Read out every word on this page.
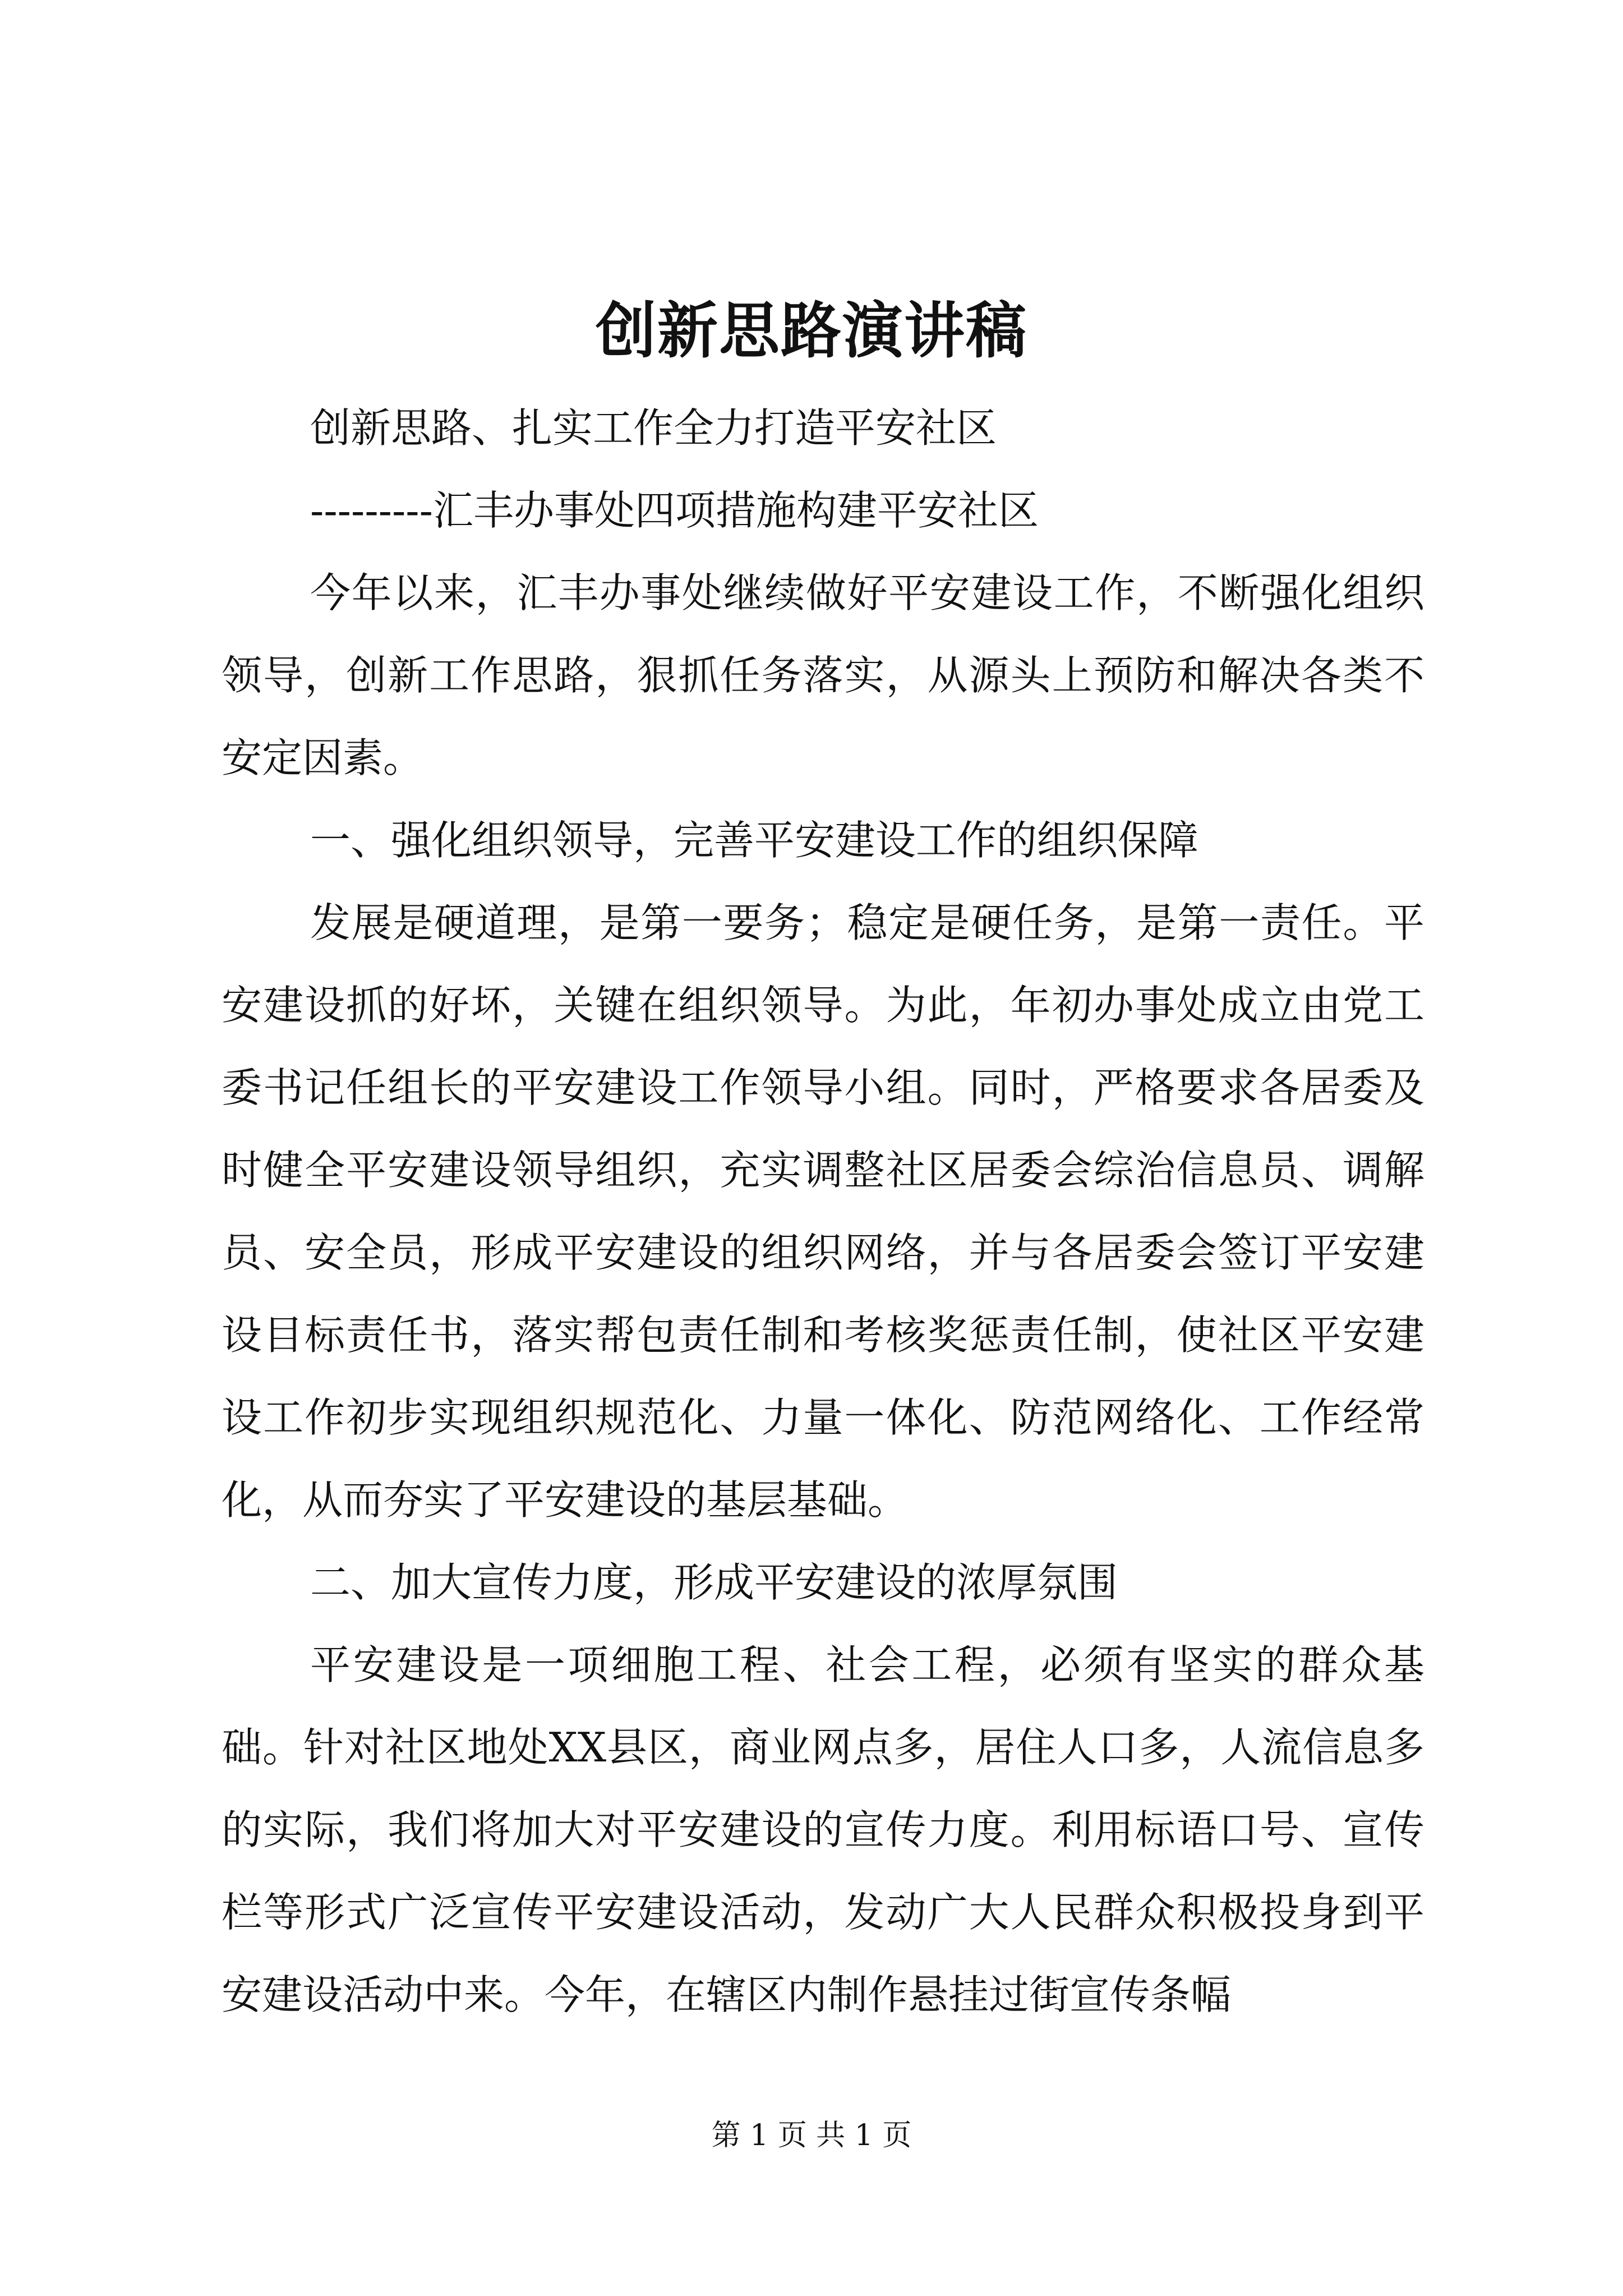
创新思路演讲稿

创新思路、扎实工作全力打造平安社区

---------汇丰办事处四项措施构建平安社区

今年以来，汇丰办事处继续做好平安建设工作，不断强化组织领导，创新工作思路，狠抓任务落实，从源头上预防和解决各类不安定因素。

一、强化组织领导，完善平安建设工作的组织保障

发展是硬道理，是第一要务；稳定是硬任务，是第一责任。平安建设抓的好坏，关键在组织领导。为此，年初办事处成立由党工委书记任组长的平安建设工作领导小组。同时，严格要求各居委及时健全平安建设领导组织，充实调整社区居委会综治信息员、调解员、安全员，形成平安建设的组织网络，并与各居委会签订平安建设目标责任书，落实帮包责任制和考核奖惩责任制，使社区平安建设工作初步实现组织规范化、力量一体化、防范网络化、工作经常化，从而夯实了平安建设的基层基础。

二、加大宣传力度，形成平安建设的浓厚氛围

平安建设是一项细胞工程、社会工程，必须有坚实的群众基础。针对社区地处XX县区，商业网点多，居住人口多，人流信息多的实际，我们将加大对平安建设的宣传力度。利用标语口号、宣传栏等形式广泛宣传平安建设活动，发动广大人民群众积极投身到平安建设活动中来。今年，在辖区内制作悬挂过街宣传条幅

第 1 页 共 1 页
